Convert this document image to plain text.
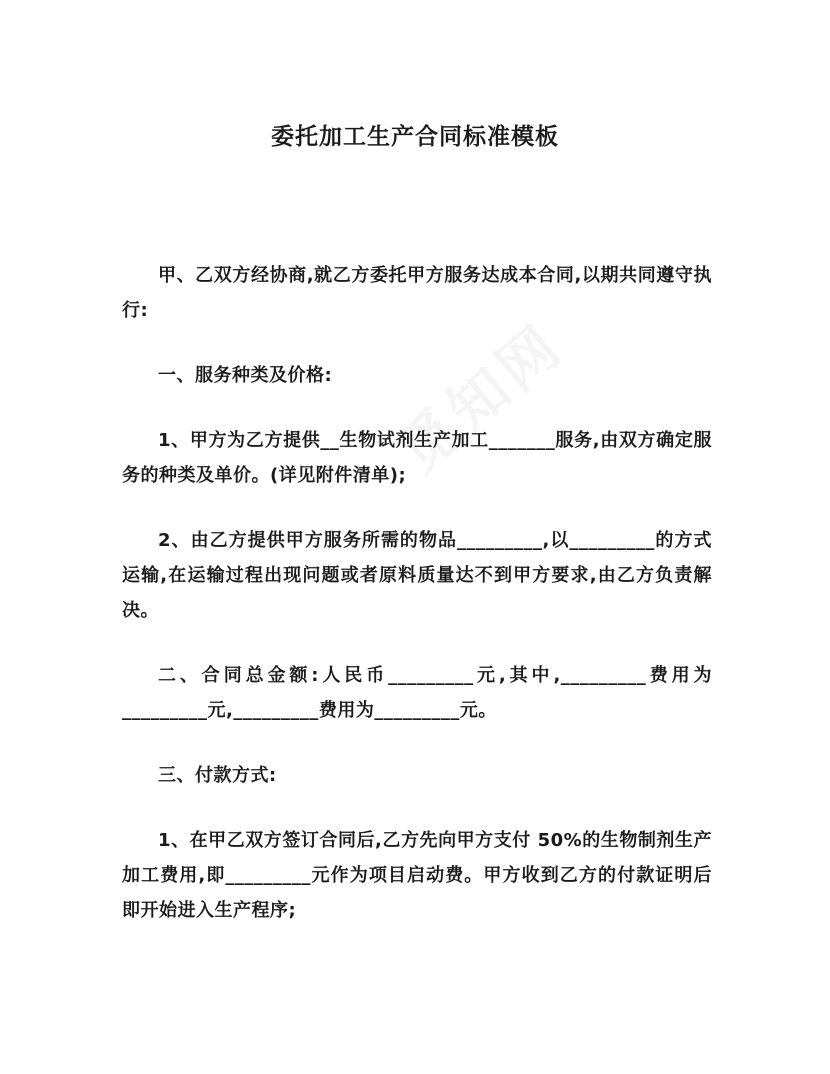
委托加工生产合同标准模板

甲、乙双方经协商,就乙方委托甲方服务达成本合同,以期共同遵守执行:

一、服务种类及价格:

1、甲方为乙方提供__生物试剂生产加工_______服务,由双方确定服务的种类及单价。(详见附件清单);

2、由乙方提供甲方服务所需的物品_________,以_________的方式运输,在运输过程出现问题或者原料质量达不到甲方要求,由乙方负责解决。

二、合同总金额:人民币_________元,其中,_________费用为_________元,_________费用为_________元。

三、付款方式:

1、在甲乙双方签订合同后,乙方先向甲方支付 50%的生物制剂生产加工费用,即_________元作为项目启动费。甲方收到乙方的付款证明后即开始进入生产程序;
